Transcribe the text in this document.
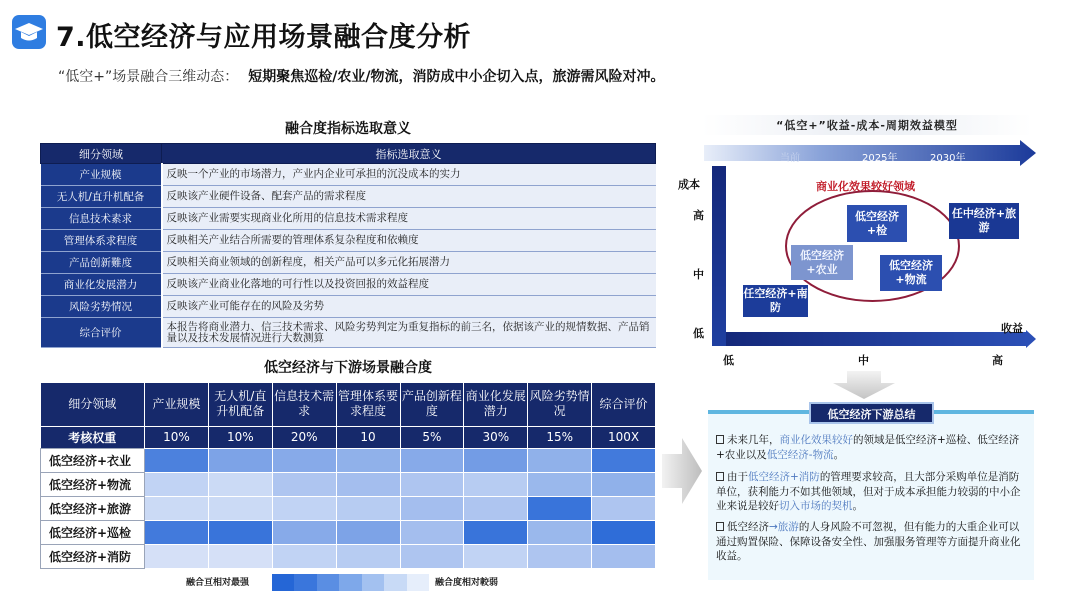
7.低空经济与应用场景融合度分析
“低空+”场景融合三维动态： 短期聚焦巡检/农业/物流，消防成中小企切入点，旅游需风险对冲。
融合度指标选取意义
细分领域	指标选取意义
产业规模	反映一个产业的市场潜力，产业内企业可承担的沉没成本的实力
无人机/直升机配备	反映该产业硬件设备、配套产品的需求程度
信息技术素求	反映该产业需要实现商业化所用的信息技术需求程度
管理体系求程度	反映相关产业结合所需要的管理体系复杂程度和依赖度
产品创新難度	反映相关商业领域的创新程度，相关产品可以多元化拓展潜力
商业化发展潜力	反映该产业商业化落地的可行性以及投资回报的效益程度
风险劣势情况	反映该产业可能存在的风险及劣势
综合评价	本报告将商业潜力、信三技术需求、风险劣势判定为重复指标的前三名，依据该产业的规情数据、产品销量以及技术发展情况进行大数测算
低空经济与下游场景融合度
细分领域	产业规模	无人机/直升机配备	信息技术需求	管理体系要求程度	产品创新程度	商业化发展潜力	风险劣势情况	综合评价
考核权重	10%	10%	20%	10	5%	30%	15%	100X
低空经济+衣业								
低空经济+物流								
低空经济+旅游								
低空经济+巡检								
低空经济+消防								
融合亘相对最强	融合度相对較弱
“低空+”收益-成本-周期效益模型
当前	2025年	2030年
成本
高
中
低	收益
低	中	高
商业化效果较好领域
任空经济+南防
低空经济+农业
低空经济+检
低空经济+物流
任中经济+旅游
低空经济下游总结
未来几年，商业化效果较好的领域是低空经济+巡检、低空经济+农业以及低空经济-物流。
由于低空经济+消防的管理要求较高，且大部分采购单位是消防单位，获利能力不如其他领域，但对于成本承担能力较弱的中小企业来说是较好切入市场的契机。
低空经济→旅游的人身风险不可忽视，但有能力的大重企业可以通过购置保险、保障设备安全性、加强服务管理等方面提升商业化收益。
